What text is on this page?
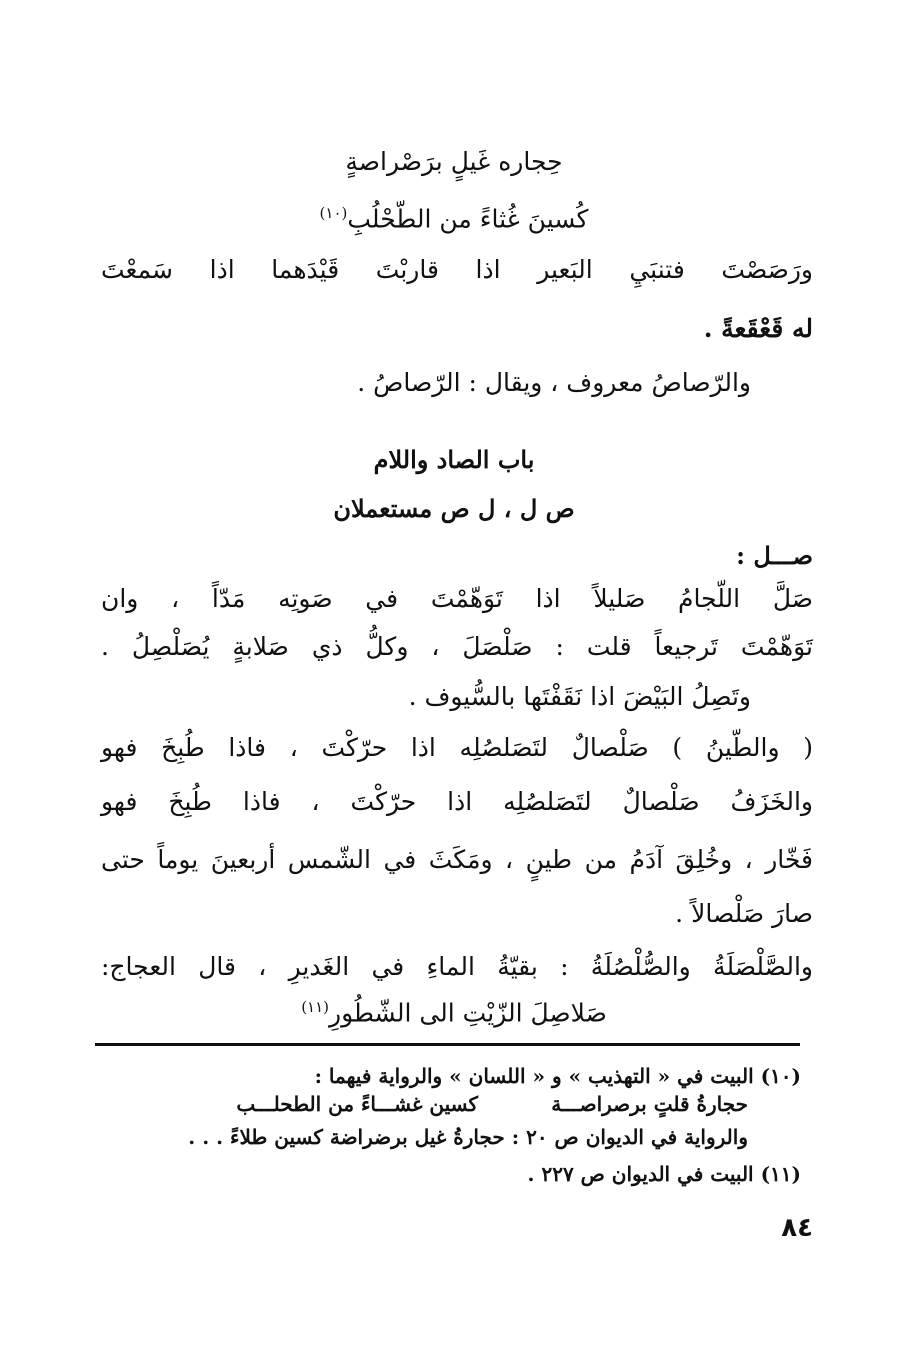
حِجاره غَيلٍ برَصْراصةٍ
كُسينَ غُثاءً من الطّحْلُبِ$^{(١٠)}$
ورَصَصْتَ فتنبَيِ البَعير اذا قاربْتَ قَيْدَهما اذا سَمعْتَ
له قَعْقَعةً .
والرّصاصُ معروف ، ويقال : الرّصاصُ .
باب الصاد واللام
ص ل ، ل ص مستعملان
صـــل :
صَلَّ اللّجامُ صَليلاً اذا تَوَهّمْتَ في صَوتِه مَدّاً ، وان
تَوَهّمْتَ تَرجيعاً قلت : صَلْصَلَ ، وكلُّ ذي صَلابةٍ يُصَلْصِلُ .
وتَصِلُ البَيْضَ اذا نَقَفْتَها بالسُّيوف .
( والطّينُ ) صَلْصالٌ لتَصَلصُلِه اذا حرّكْتَ ، فاذا طُبِخَ فهو
والخَزَفُ صَلْصالٌ لتَصَلصُلِه اذا حرّكْتَ ، فاذا طُبِخَ فهو
فَخّار ، وخُلِقَ آدَمُ من طينٍ ، ومَكَثَ في الشّمس أربعينَ يوماً حتى
صارَ صَلْصالاً .
والصَّلْصَلَةُ والصُّلْصُلَةُ : بقيّةُ الماءِ في الغَديرِ ، قال العجاج:
صَلاصِلَ الزّيْتِ الى الشّطُورِ$^{(١١)}$
(١٠) البيت في « التهذيب » و « اللسان » والرواية فيهما :
حجارةُ قلتٍ برصراصـــة
كسين غشـــاءً من الطحلـــب
والرواية في الديوان ص ٢٠ : حجارةُ غيل برضراضة كسين طلاءً . . .
(١١) البيت في الديوان ص ٢٢٧ .
٨٤
